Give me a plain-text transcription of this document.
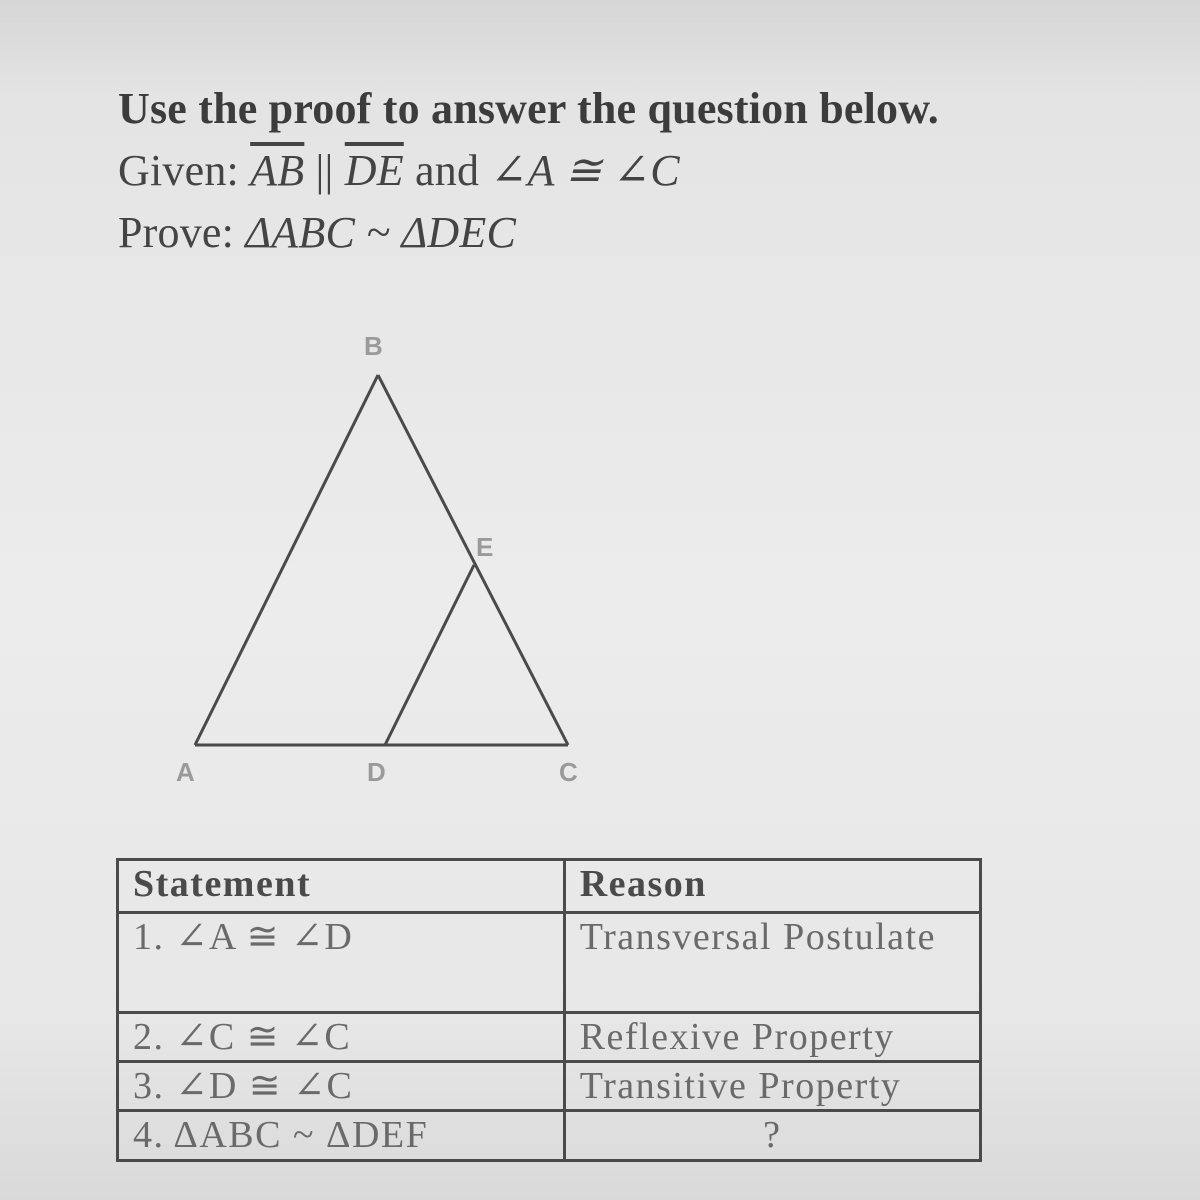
Use the proof to answer the question below.
Given: $\overline{AB}$ || $\overline{DE}$ and ∠A ≅ ∠C
Prove: ΔABC ~ ΔDEC
B
E
A	D	C
Statement	Reason
1. ∠A ≅ ∠D	Transversal Postulate
2. ∠C ≅ ∠C	Reflexive Property
3. ∠D ≅ ∠C	Transitive Property
4. ΔABC ~ ΔDEF	?
